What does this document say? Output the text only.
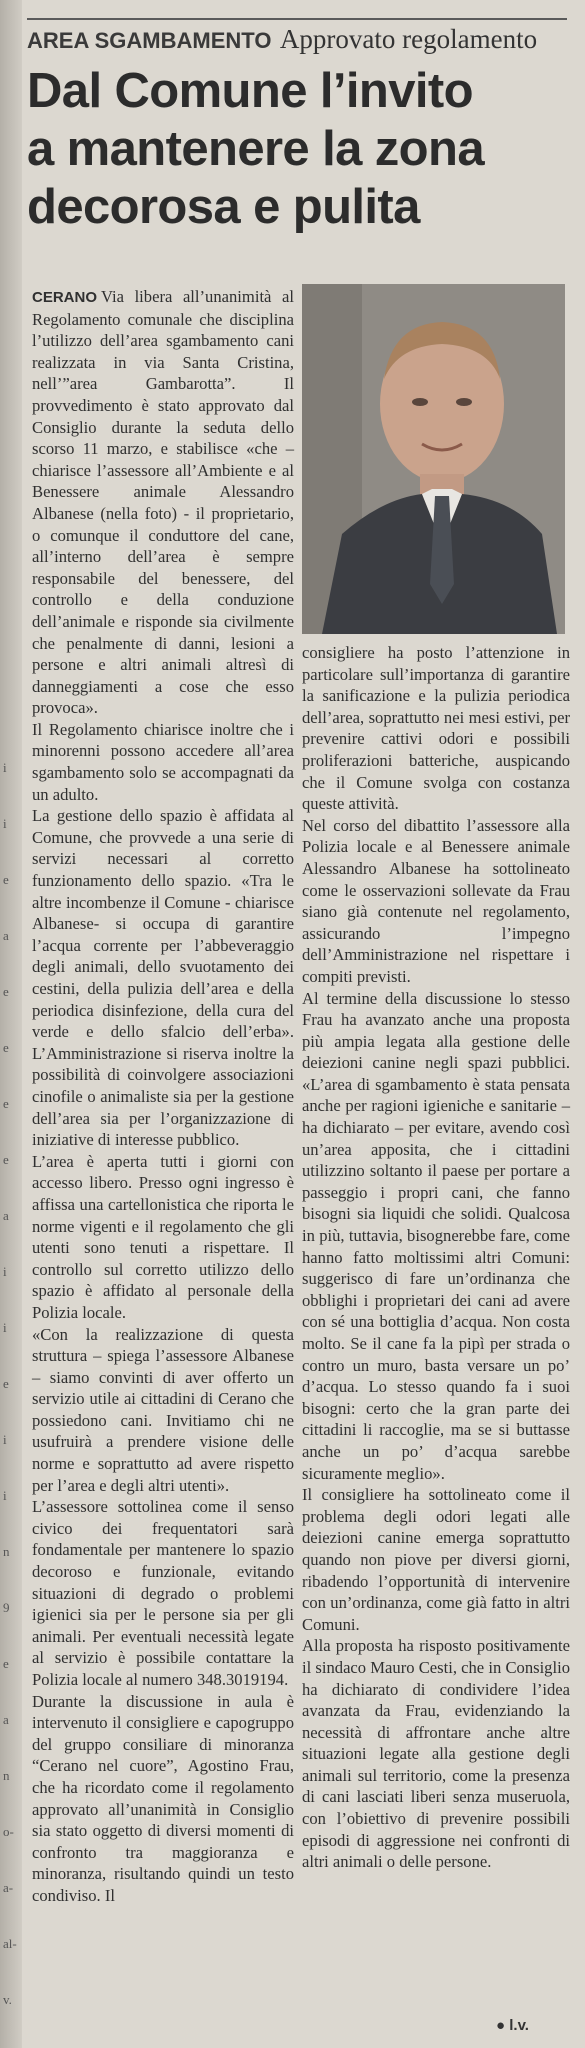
i
i
e
a
e
e
e
e
a
i
i
e
i
i
n
9
e
a
n
o-
a-
al-
v.
AREA SGAMBAMENTO Approvato regolamento
Dal Comune l’invito
a mantenere la zona
decorosa e pulita

CERANO Via libera all’unanimità al Regolamento comunale che disciplina l’utilizzo dell’area sgambamento cani realizzata in via Santa Cristina, nell’”area Gambarotta”. Il provvedimento è stato approvato dal Consiglio durante la seduta dello scorso 11 marzo, e stabilisce «che – chiarisce l’assessore all’Ambiente e al Benessere animale Alessandro Albanese (nella foto) - il proprietario, o comunque il conduttore del cane, all’interno dell’area è sempre responsabile del benessere, del controllo e della conduzione dell’animale e risponde sia civilmente che penalmente di danni, lesioni a persone e altri animali altresì di danneggiamenti a cose che esso provoca».

Il Regolamento chiarisce inoltre che i minorenni possono accedere all’area sgambamento solo se accompagnati da un adulto.

La gestione dello spazio è affidata al Comune, che provvede a una serie di servizi necessari al corretto funzionamento dello spazio. «Tra le altre incombenze il Comune - chiarisce Albanese- si occupa di garantire l’acqua corrente per l’abbeveraggio degli animali, dello svuotamento dei cestini, della pulizia dell’area e della periodica disinfezione, della cura del verde e dello sfalcio dell’erba». L’Amministrazione si riserva inoltre la possibilità di coinvolgere associazioni cinofile o animaliste sia per la gestione dell’area sia per l’organizzazione di iniziative di interesse pubblico.

L’area è aperta tutti i giorni con accesso libero. Presso ogni ingresso è affissa una cartellonistica che riporta le norme vigenti e il regolamento che gli utenti sono tenuti a rispettare. Il controllo sul corretto utilizzo dello spazio è affidato al personale della Polizia locale.

«Con la realizzazione di questa struttura – spiega l’assessore Albanese – siamo convinti di aver offerto un servizio utile ai cittadini di Cerano che possiedono cani. Invitiamo chi ne usufruirà a prendere visione delle norme e soprattutto ad avere rispetto per l’area e degli altri utenti».

L’assessore sottolinea come il senso civico dei frequentatori sarà fondamentale per mantenere lo spazio decoroso e funzionale, evitando situazioni di degrado o problemi igienici sia per le persone sia per gli animali. Per eventuali necessità legate al servizio è possibile contattare la Polizia locale al numero 348.3019194.

Durante la discussione in aula è intervenuto il consigliere e capogruppo del gruppo consiliare di minoranza “Cerano nel cuore”, Agostino Frau, che ha ricordato come il regolamento approvato all’unanimità in Consiglio sia stato oggetto di diversi momenti di confronto tra maggioranza e minoranza, risultando quindi un testo condiviso. Il

consigliere ha posto l’attenzione in particolare sull’importanza di garantire la sanificazione e la pulizia periodica dell’area, soprattutto nei mesi estivi, per prevenire cattivi odori e possibili proliferazioni batteriche, auspicando che il Comune svolga con costanza queste attività.

Nel corso del dibattito l’assessore alla Polizia locale e al Benessere animale Alessandro Albanese ha sottolineato come le osservazioni sollevate da Frau siano già contenute nel regolamento, assicurando l’impegno dell’Amministrazione nel rispettare i compiti previsti.

Al termine della discussione lo stesso Frau ha avanzato anche una proposta più ampia legata alla gestione delle deiezioni canine negli spazi pubblici. «L’area di sgambamento è stata pensata anche per ragioni igieniche e sanitarie – ha dichiarato – per evitare, avendo così un’area apposita, che i cittadini utilizzino soltanto il paese per portare a passeggio i propri cani, che fanno bisogni sia liquidi che solidi. Qualcosa in più, tuttavia, bisognerebbe fare, come hanno fatto moltissimi altri Comuni: suggerisco di fare un’ordinanza che obblighi i proprietari dei cani ad avere con sé una bottiglia d’acqua. Non costa molto. Se il cane fa la pipì per strada o contro un muro, basta versare un po’ d’acqua. Lo stesso quando fa i suoi bisogni: certo che la gran parte dei cittadini li raccoglie, ma se si buttasse anche un po’ d’acqua sarebbe sicuramente meglio».

Il consigliere ha sottolineato come il problema degli odori legati alle deiezioni canine emerga soprattutto quando non piove per diversi giorni, ribadendo l’opportunità di intervenire con un’ordinanza, come già fatto in altri Comuni.

Alla proposta ha risposto positivamente il sindaco Mauro Cesti, che in Consiglio ha dichiarato di condividere l’idea avanzata da Frau, evidenziando la necessità di affrontare anche altre situazioni legate alla gestione degli animali sul territorio, come la presenza di cani lasciati liberi senza museruola, con l’obiettivo di prevenire possibili episodi di aggressione nei confronti di altri animali o delle persone.

● l.v.
